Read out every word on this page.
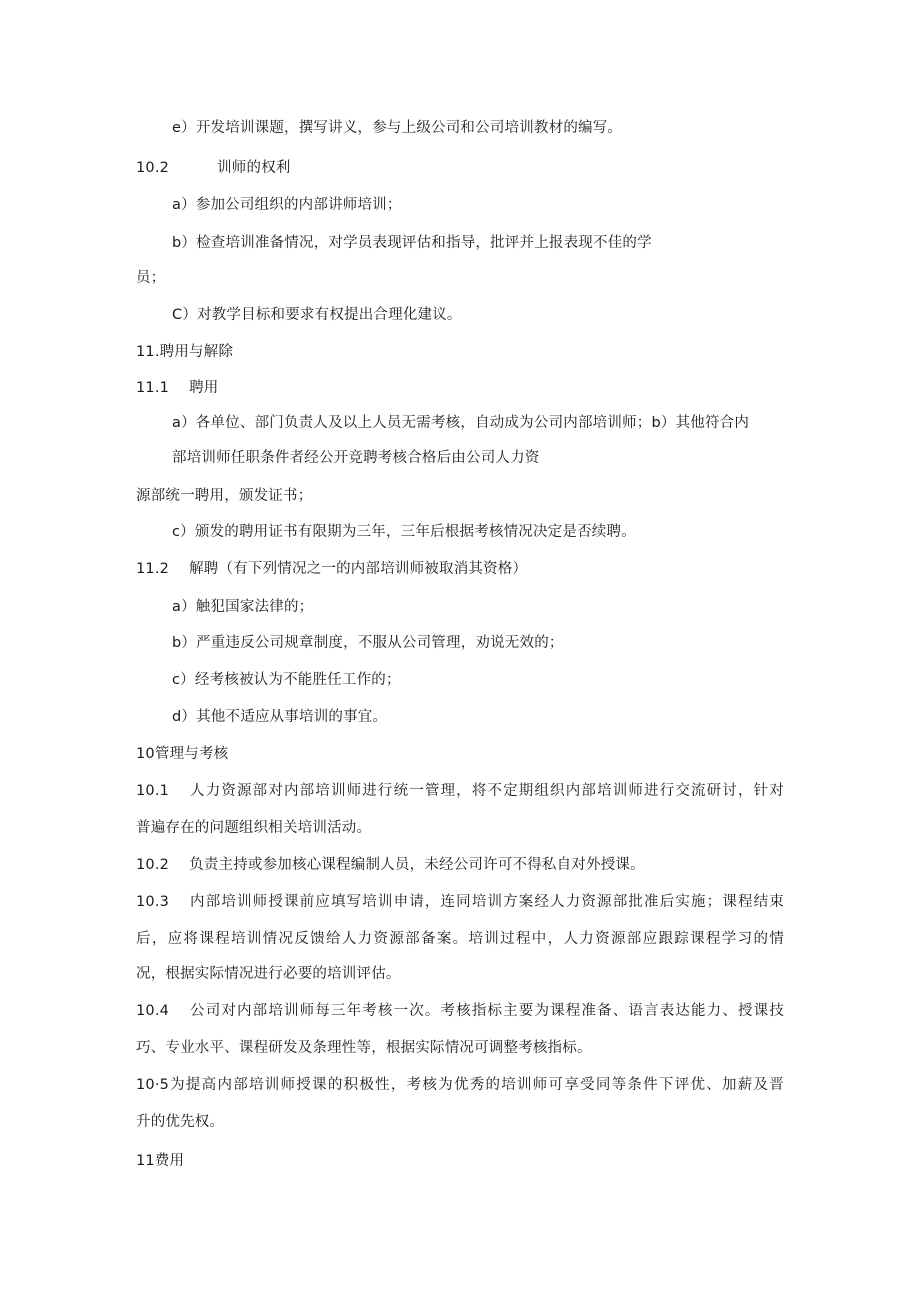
e）开发培训课题，撰写讲义，参与上级公司和公司培训教材的编写。

10.2	训师的权利

a）参加公司组织的内部讲师培训；

b）检查培训准备情况，对学员表现评估和指导，批评并上报表现不佳的学

员；

C）对教学目标和要求有权提出合理化建议。

11.聘用与解除

11.1 聘用

a）各单位、部门负责人及以上人员无需考核，自动成为公司内部培训师；b）其他符合内

部培训师任职条件者经公开竞聘考核合格后由公司人力资

源部统一聘用，颁发证书；

c）颁发的聘用证书有限期为三年，三年后根据考核情况决定是否续聘。

11.2 解聘（有下列情况之一的内部培训师被取消其资格）

a）触犯国家法律的；

b）严重违反公司规章制度，不服从公司管理，劝说无效的；

c）经考核被认为不能胜任工作的；

d）其他不适应从事培训的事宜。

10管理与考核

10.1 人力资源部对内部培训师进行统一管理，将不定期组织内部培训师进行交流研讨，针对

普遍存在的问题组织相关培训活动。

10.2 负责主持或参加核心课程编制人员，未经公司许可不得私自对外授课。

10.3 内部培训师授课前应填写培训申请，连同培训方案经人力资源部批准后实施；课程结束

后，应将课程培训情况反馈给人力资源部备案。培训过程中，人力资源部应跟踪课程学习的情

况，根据实际情况进行必要的培训评估。

10.4 公司对内部培训师每三年考核一次。考核指标主要为课程准备、语言表达能力、授课技

巧、专业水平、课程研发及条理性等，根据实际情况可调整考核指标。

10·5为提高内部培训师授课的积极性，考核为优秀的培训师可享受同等条件下评优、加薪及晋

升的优先权。

11费用
